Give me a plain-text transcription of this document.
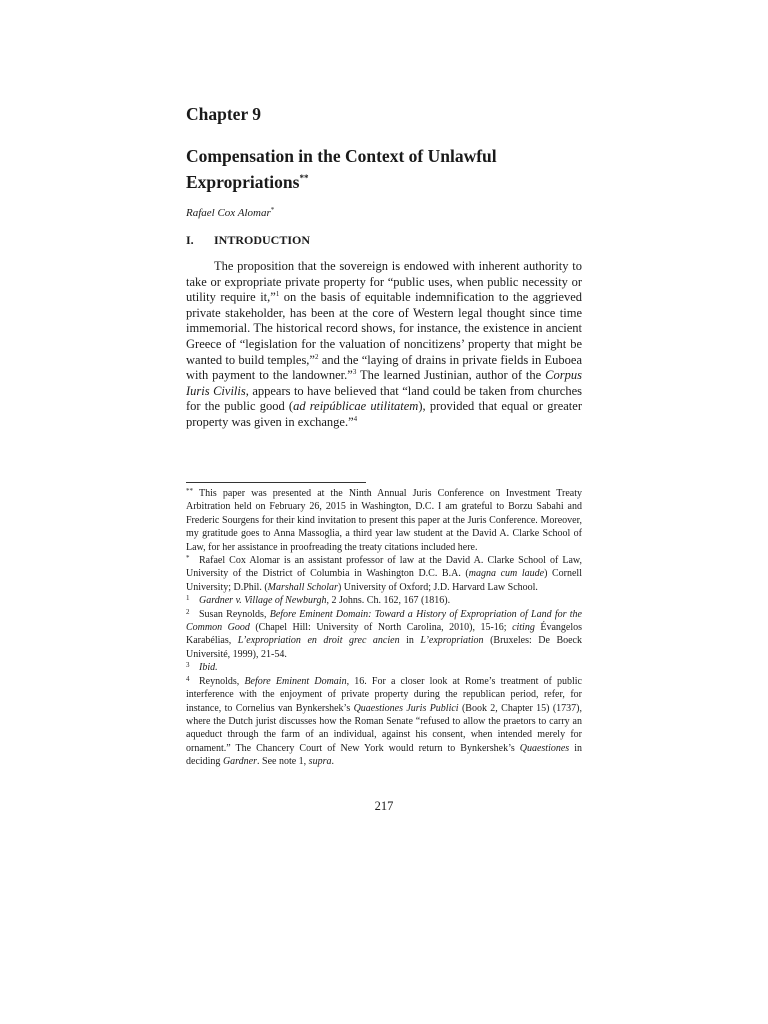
Chapter 9
Compensation in the Context of Unlawful Expropriations**
Rafael Cox Alomar*
I. INTRODUCTION

The proposition that the sovereign is endowed with inherent authority to take or expropriate private property for “public uses, when public necessity or utility require it,”$^1$ on the basis of equitable indemnification to the aggrieved private stakeholder, has been at the core of Western legal thought since time immemorial. The historical record shows, for instance, the existence in ancient Greece of “legislation for the valuation of noncitizens’ property that might be wanted to build temples,”$^2$ and the “laying of drains in private fields in Euboea with payment to the landowner.”$^3$ The learned Justinian, author of the Corpus Iuris Civilis, appears to have believed that “land could be taken from churches for the public good (ad reipúblicae utilitatem), provided that equal or greater property was given in exchange.”$^4$

** This paper was presented at the Ninth Annual Juris Conference on Investment Treaty Arbitration held on February 26, 2015 in Washington, D.C. I am grateful to Borzu Sabahi and Frederic Sourgens for their kind invitation to present this paper at the Juris Conference. Moreover, my gratitude goes to Anna Massoglia, a third year law student at the David A. Clarke School of Law, for her assistance in proofreading the treaty citations included here.

* Rafael Cox Alomar is an assistant professor of law at the David A. Clarke School of Law, University of the District of Columbia in Washington D.C. B.A. (magna cum laude) Cornell University; D.Phil. (Marshall Scholar) University of Oxford; J.D. Harvard Law School.

1 Gardner v. Village of Newburgh, 2 Johns. Ch. 162, 167 (1816).

2 Susan Reynolds, Before Eminent Domain: Toward a History of Expropriation of Land for the Common Good (Chapel Hill: University of North Carolina, 2010), 15-16; citing Évangelos Karabélias, L’expropriation en droit grec ancien in L’expropriation (Bruxeles: De Boeck Université, 1999), 21-54.

3 Ibid.

4 Reynolds, Before Eminent Domain, 16. For a closer look at Rome’s treatment of public interference with the enjoyment of private property during the republican period, refer, for instance, to Cornelius van Bynkershek’s Quaestiones Juris Publici (Book 2, Chapter 15) (1737), where the Dutch jurist discusses how the Roman Senate “refused to allow the praetors to carry an aqueduct through the farm of an individual, against his consent, when intended merely for ornament.” The Chancery Court of New York would return to Bynkershek’s Quaestiones in deciding Gardner. See note 1, supra.

217
